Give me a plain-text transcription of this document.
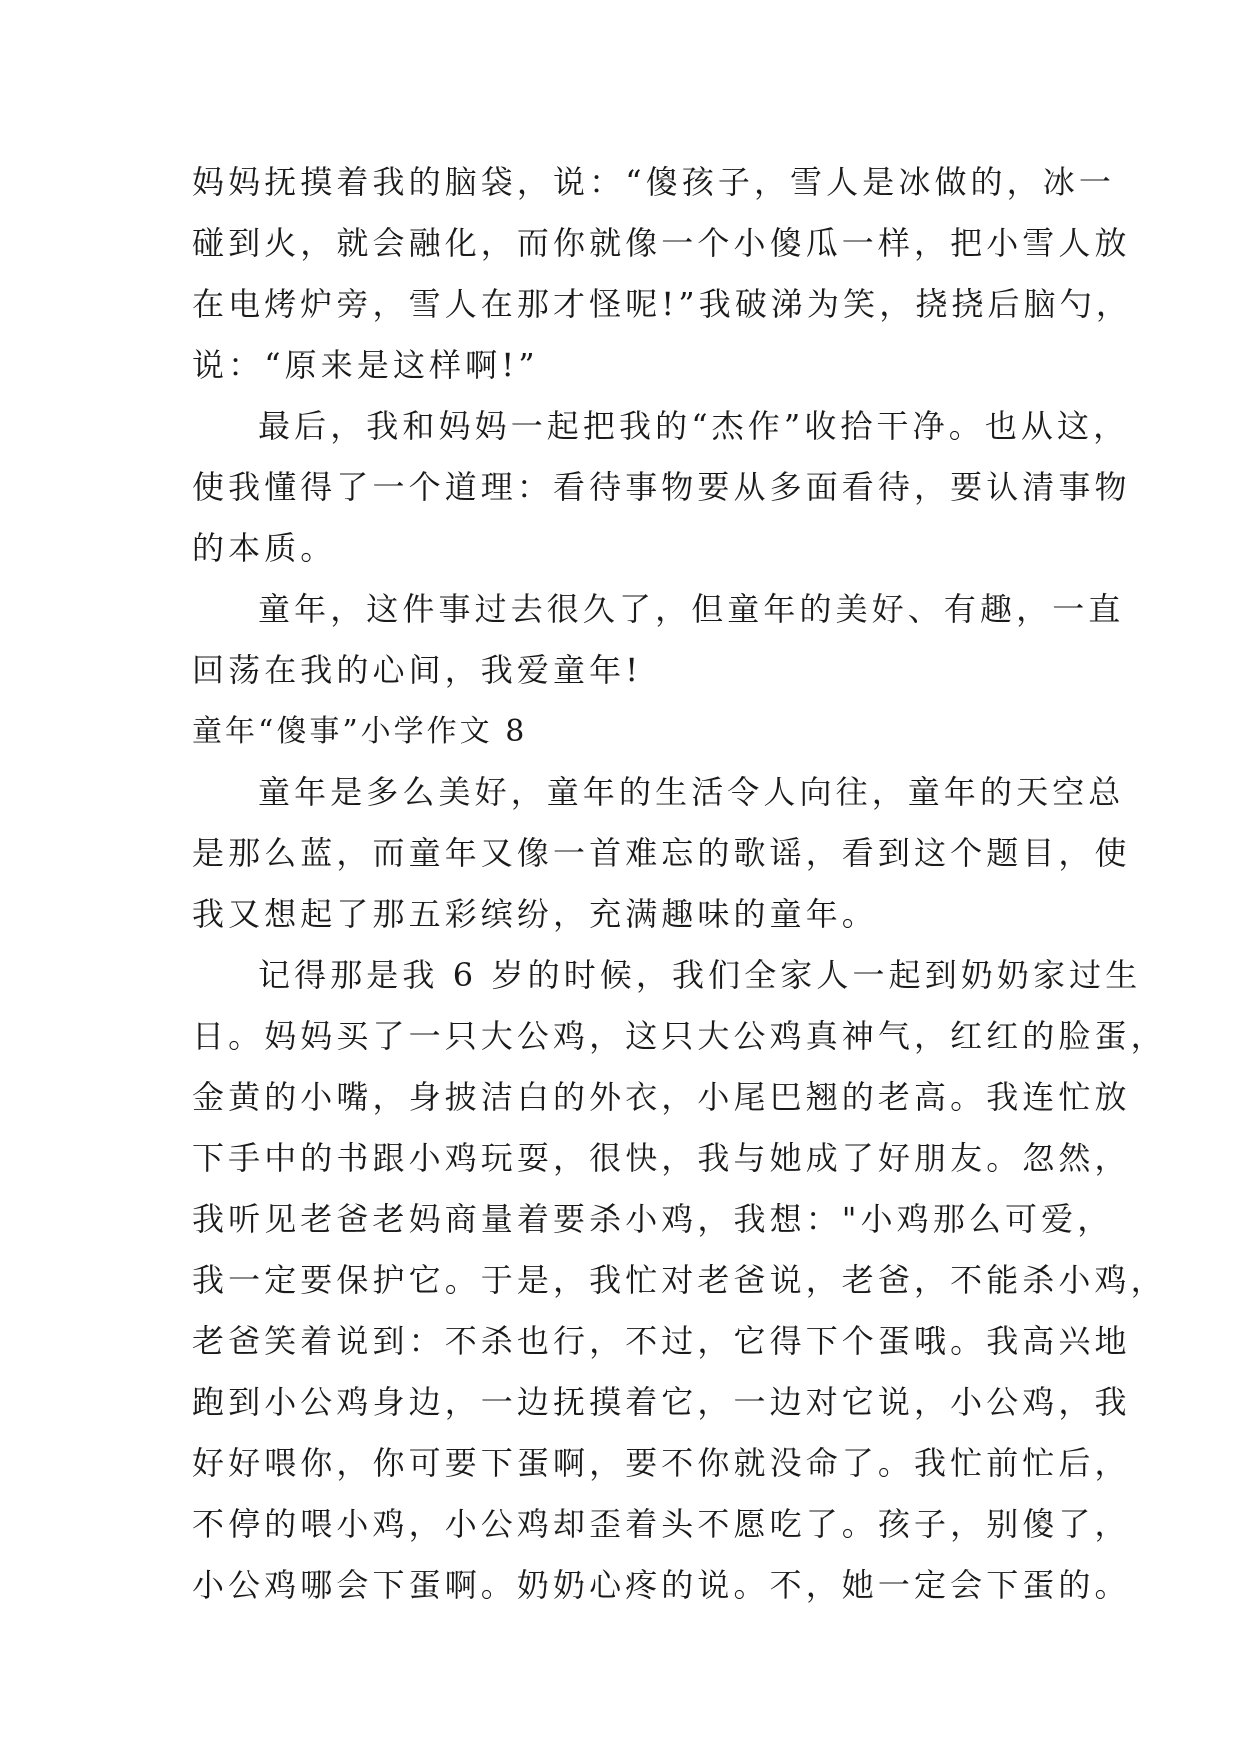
妈妈抚摸着我的脑袋，说：“傻孩子，雪人是冰做的，冰一
碰到火，就会融化，而你就像一个小傻瓜一样，把小雪人放
在电烤炉旁，雪人在那才怪呢!”我破涕为笑，挠挠后脑勺，
说：“原来是这样啊!”
最后，我和妈妈一起把我的“杰作”收拾干净。也从这，
使我懂得了一个道理：看待事物要从多面看待，要认清事物
的本质。
童年，这件事过去很久了，但童年的美好、有趣，一直
回荡在我的心间，我爱童年!
童年“傻事”小学作文 8
童年是多么美好，童年的生活令人向往，童年的天空总
是那么蓝，而童年又像一首难忘的歌谣，看到这个题目，使
我又想起了那五彩缤纷，充满趣味的童年。
记得那是我 6 岁的时候，我们全家人一起到奶奶家过生
日。妈妈买了一只大公鸡，这只大公鸡真神气，红红的脸蛋，
金黄的小嘴，身披洁白的外衣，小尾巴翘的老高。我连忙放
下手中的书跟小鸡玩耍，很快，我与她成了好朋友。忽然，
我听见老爸老妈商量着要杀小鸡，我想："小鸡那么可爱，
我一定要保护它。于是，我忙对老爸说，老爸，不能杀小鸡，
老爸笑着说到：不杀也行，不过，它得下个蛋哦。我高兴地
跑到小公鸡身边，一边抚摸着它，一边对它说，小公鸡，我
好好喂你，你可要下蛋啊，要不你就没命了。我忙前忙后，
不停的喂小鸡，小公鸡却歪着头不愿吃了。孩子，别傻了，
小公鸡哪会下蛋啊。奶奶心疼的说。不，她一定会下蛋的。
